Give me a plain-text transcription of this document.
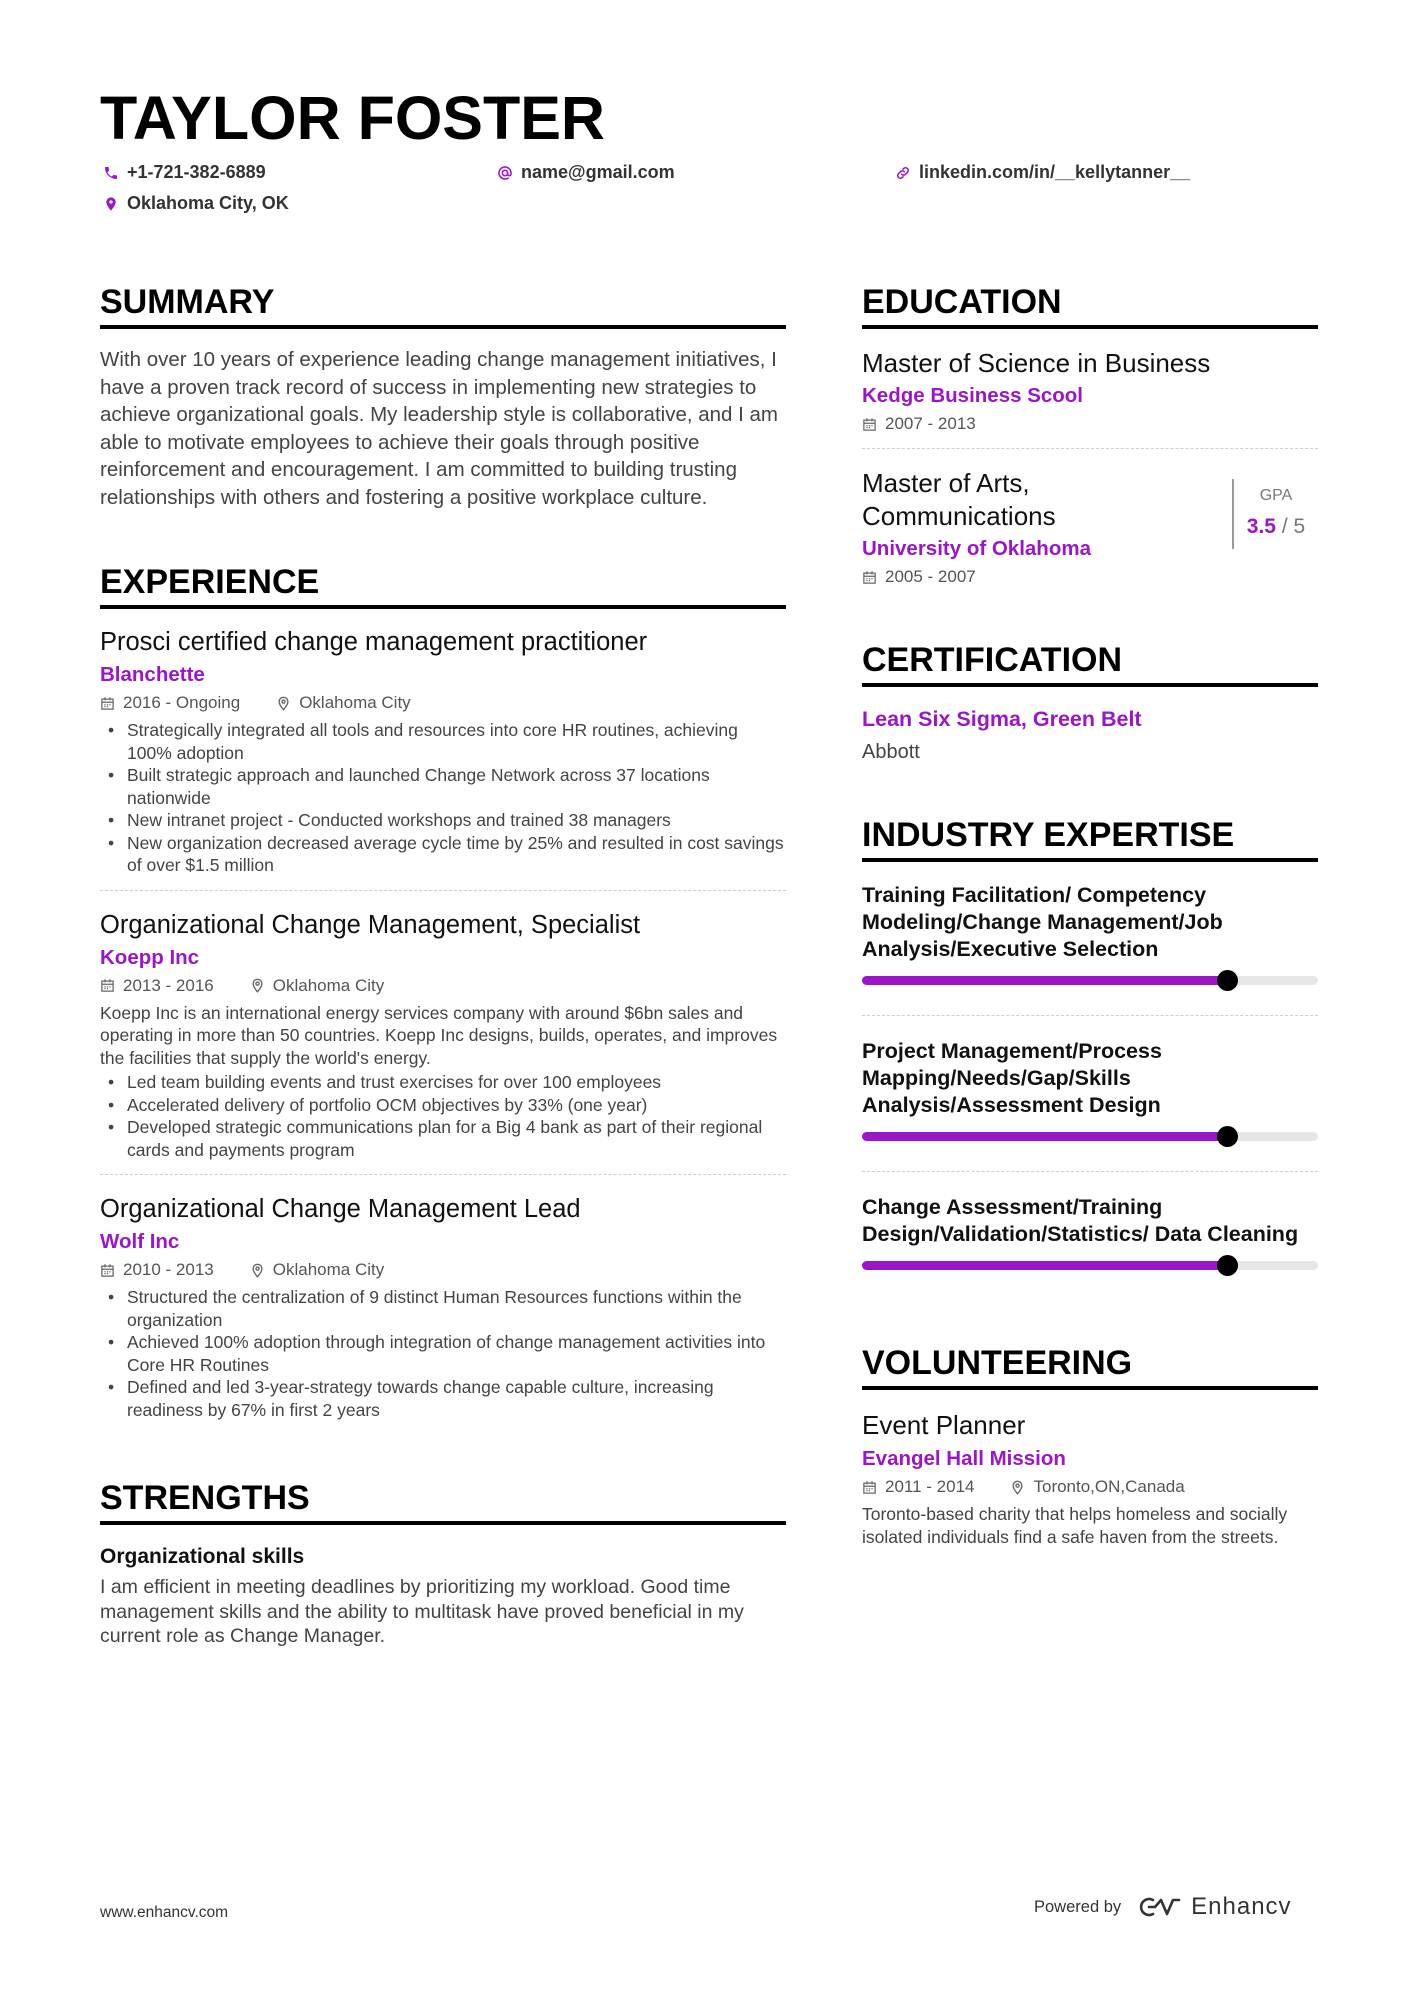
TAYLOR FOSTER
+1-721-382-6889	name@gmail.com	linkedin.com/in/__kellytanner__
Oklahoma City, OK
SUMMARY
With over 10 years of experience leading change management initiatives, I have a proven track record of success in implementing new strategies to achieve organizational goals. My leadership style is collaborative, and I am able to motivate employees to achieve their goals through positive reinforcement and encouragement. I am committed to building trusting relationships with others and fostering a positive workplace culture.
EXPERIENCE
Prosci certified change management practitioner
Blanchette
2016 - Ongoing	Oklahoma City
• Strategically integrated all tools and resources into core HR routines, achieving 100% adoption
• Built strategic approach and launched Change Network across 37 locations nationwide
• New intranet project - Conducted workshops and trained 38 managers
• New organization decreased average cycle time by 25% and resulted in cost savings of over $1.5 million
Organizational Change Management, Specialist
Koepp Inc
2013 - 2016	Oklahoma City
Koepp Inc is an international energy services company with around $6bn sales and operating in more than 50 countries. Koepp Inc designs, builds, operates, and improves the facilities that supply the world's energy.
• Led team building events and trust exercises for over 100 employees
• Accelerated delivery of portfolio OCM objectives by 33% (one year)
• Developed strategic communications plan for a Big 4 bank as part of their regional cards and payments program
Organizational Change Management Lead
Wolf Inc
2010 - 2013	Oklahoma City
• Structured the centralization of 9 distinct Human Resources functions within the organization
• Achieved 100% adoption through integration of change management activities into Core HR Routines
• Defined and led 3-year-strategy towards change capable culture, increasing readiness by 67% in first 2 years
STRENGTHS
Organizational skills
I am efficient in meeting deadlines by prioritizing my workload. Good time management skills and the ability to multitask have proved beneficial in my current role as Change Manager.
EDUCATION
Master of Science in Business
Kedge Business Scool
2007 - 2013
Master of Arts, Communications
University of Oklahoma
2005 - 2007
GPA
3.5 / 5
CERTIFICATION
Lean Six Sigma, Green Belt
Abbott
INDUSTRY EXPERTISE
Training Facilitation/ Competency Modeling/Change Management/Job Analysis/Executive Selection
Project Management/Process Mapping/Needs/Gap/Skills Analysis/Assessment Design
Change Assessment/Training Design/Validation/Statistics/ Data Cleaning
VOLUNTEERING
Event Planner
Evangel Hall Mission
2011 - 2014	Toronto,ON,Canada
Toronto-based charity that helps homeless and socially isolated individuals find a safe haven from the streets.
www.enhancv.com	Powered by	Enhancv
